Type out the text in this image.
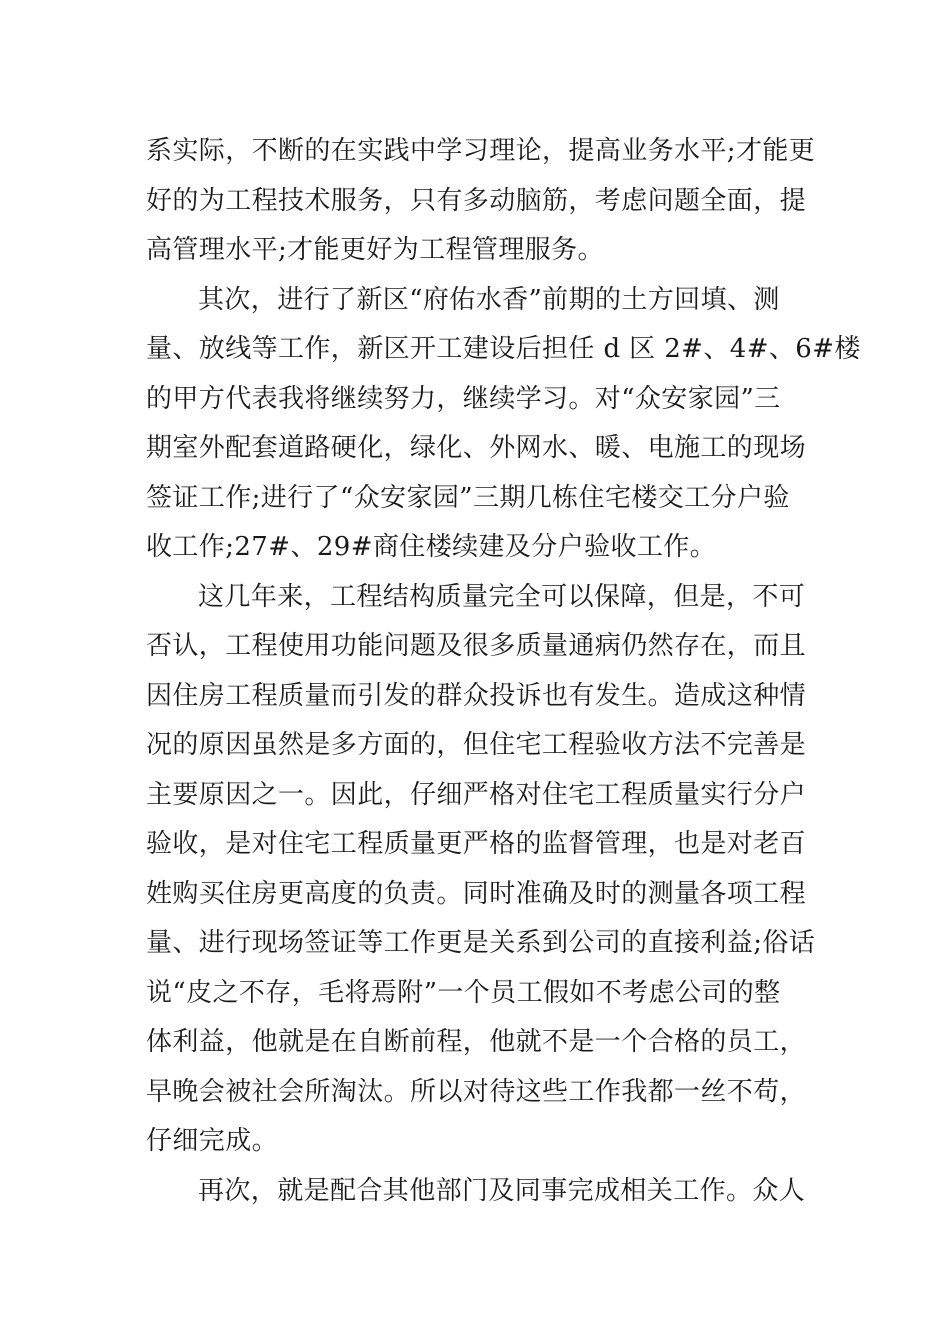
系实际，不断的在实践中学习理论，提高业务水平;才能更
好的为工程技术服务，只有多动脑筋，考虑问题全面，提
高管理水平;才能更好为工程管理服务。
其次，进行了新区“府佑水香”前期的土方回填、测
量、放线等工作，新区开工建设后担任 d 区 2#、4#、6#楼
的甲方代表我将继续努力，继续学习。对“众安家园”三
期室外配套道路硬化，绿化、外网水、暖、电施工的现场
签证工作;进行了“众安家园”三期几栋住宅楼交工分户验
收工作;27#、29#商住楼续建及分户验收工作。
这几年来，工程结构质量完全可以保障，但是，不可
否认，工程使用功能问题及很多质量通病仍然存在，而且
因住房工程质量而引发的群众投诉也有发生。造成这种情
况的原因虽然是多方面的，但住宅工程验收方法不完善是
主要原因之一。因此，仔细严格对住宅工程质量实行分户
验收，是对住宅工程质量更严格的监督管理，也是对老百
姓购买住房更高度的负责。同时准确及时的测量各项工程
量、进行现场签证等工作更是关系到公司的直接利益;俗话
说“皮之不存，毛将焉附”一个员工假如不考虑公司的整
体利益，他就是在自断前程，他就不是一个合格的员工，
早晚会被社会所淘汰。所以对待这些工作我都一丝不苟，
仔细完成。
再次，就是配合其他部门及同事完成相关工作。众人
